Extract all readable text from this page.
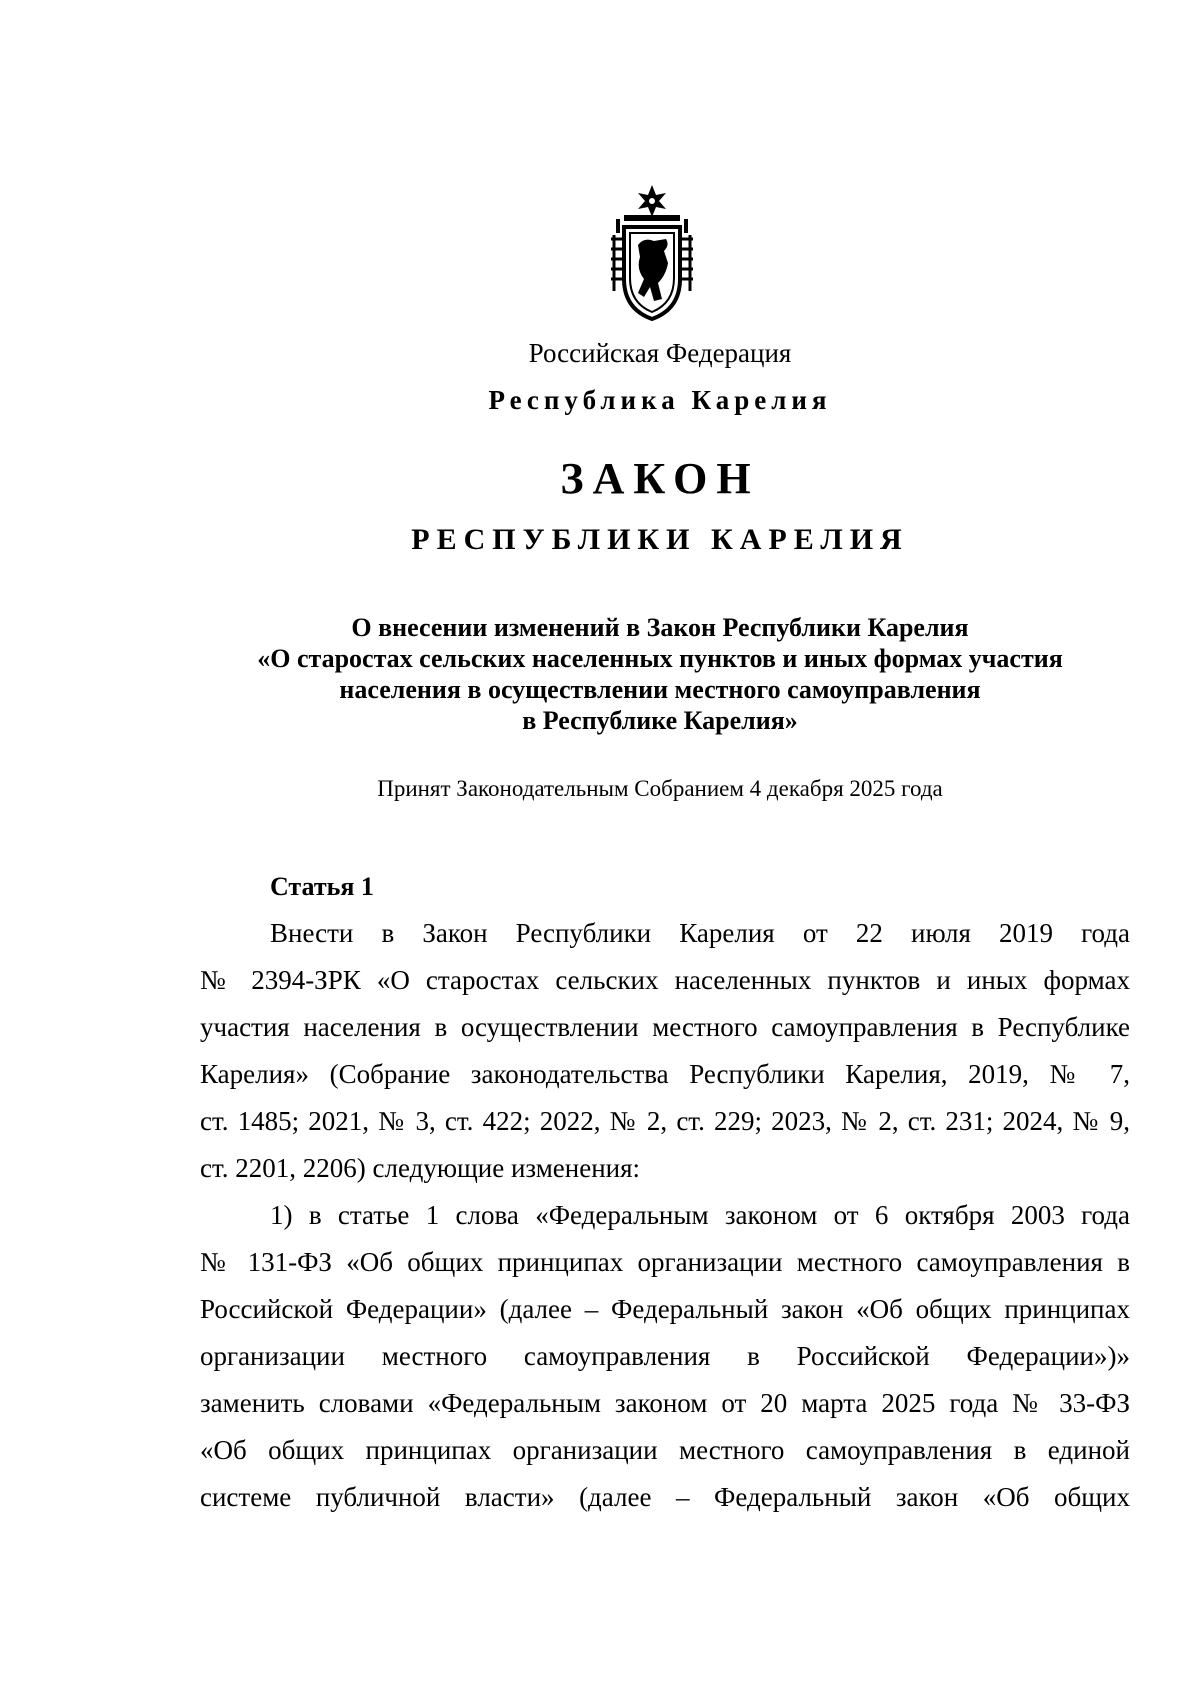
Российская Федерация
Республика Карелия
ЗАКОН
РЕСПУБЛИКИ КАРЕЛИЯ
О внесении изменений в Закон Республики Карелия
«О старостах сельских населенных пунктов и иных формах участия
населения в осуществлении местного самоуправления
в Республике Карелия»
Принят Законодательным Собранием 4 декабря 2025 года
Статья 1
Внести в Закон Республики Карелия от 22 июля 2019 года
№ 2394-ЗРК «О старостах сельских населенных пунктов и иных формах
участия населения в осуществлении местного самоуправления в Республике
Карелия» (Собрание законодательства Республики Карелия, 2019, № 7,
ст. 1485; 2021, № 3, ст. 422; 2022, № 2, ст. 229; 2023, № 2, ст. 231; 2024, № 9,
ст. 2201, 2206) следующие изменения:
1) в статье 1 слова «Федеральным законом от 6 октября 2003 года
№ 131-ФЗ «Об общих принципах организации местного самоуправления в
Российской Федерации» (далее – Федеральный закон «Об общих принципах
организации местного самоуправления в Российской Федерации»)»
заменить словами «Федеральным законом от 20 марта 2025 года № 33-ФЗ
«Об общих принципах организации местного самоуправления в единой
системе публичной власти» (далее – Федеральный закон «Об общих
